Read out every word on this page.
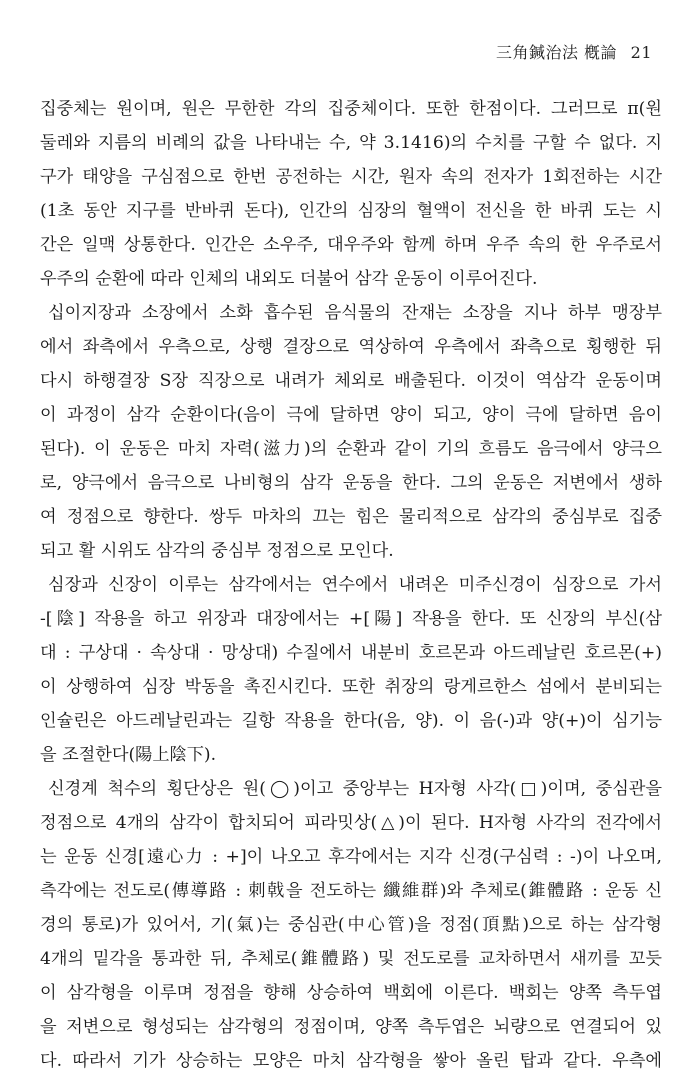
三角鍼治法 槪論 21
집중체는 원이며, 원은 무한한 각의 집중체이다. 또한 한점이다. 그러므로 π(원
둘레와 지름의 비례의 값을 나타내는 수, 약 3.1416)의 수치를 구할 수 없다. 지
구가 태양을 구심점으로 한번 공전하는 시간, 원자 속의 전자가 1회전하는 시간
(1초 동안 지구를 반바퀴 돈다), 인간의 심장의 혈액이 전신을 한 바퀴 도는 시
간은 일맥 상통한다. 인간은 소우주, 대우주와 함께 하며 우주 속의 한 우주로서
우주의 순환에 따라 인체의 내외도 더불어 삼각 운동이 이루어진다.
십이지장과 소장에서 소화 흡수된 음식물의 잔재는 소장을 지나 하부 맹장부
에서 좌측에서 우측으로, 상행 결장으로 역상하여 우측에서 좌측으로 횡행한 뒤
다시 하행결장 S장 직장으로 내려가 체외로 배출된다. 이것이 역삼각 운동이며
이 과정이 삼각 순환이다(음이 극에 달하면 양이 되고, 양이 극에 달하면 음이
된다). 이 운동은 마치 자력(滋力)의 순환과 같이 기의 흐름도 음극에서 양극으
로, 양극에서 음극으로 나비형의 삼각 운동을 한다. 그의 운동은 저변에서 생하
여 정점으로 향한다. 쌍두 마차의 끄는 힘은 물리적으로 삼각의 중심부로 집중
되고 활 시위도 삼각의 중심부 정점으로 모인다.
심장과 신장이 이루는 삼각에서는 연수에서 내려온 미주신경이 심장으로 가서
-[陰] 작용을 하고 위장과 대장에서는 +[陽] 작용을 한다. 또 신장의 부신(삼
대 : 구상대 · 속상대 · 망상대) 수질에서 내분비 호르몬과 아드레날린 호르몬(+)
이 상행하여 심장 박동을 촉진시킨다. 또한 취장의 랑게르한스 섬에서 분비되는
인슐린은 아드레날린과는 길항 작용을 한다(음, 양). 이 음(-)과 양(+)이 심기능
을 조절한다(陽上陰下).
신경계 척수의 횡단상은 원(◯)이고 중앙부는 H자형 사각(□)이며, 중심관을
정점으로 4개의 삼각이 합치되어 피라밋상(△)이 된다. H자형 사각의 전각에서
는 운동 신경[遠心力 : +]이 나오고 후각에서는 지각 신경(구심력 : -)이 나오며,
측각에는 전도로(傳導路 : 刺戟을 전도하는 纖維群)와 추체로(錐體路 : 운동 신
경의 통로)가 있어서, 기(氣)는 중심관(中心管)을 정점(頂點)으로 하는 삼각형
4개의 밑각을 통과한 뒤, 추체로(錐體路) 및 전도로를 교차하면서 새끼를 꼬듯
이 삼각형을 이루며 정점을 향해 상승하여 백회에 이른다. 백회는 양쪽 측두엽
을 저변으로 형성되는 삼각형의 정점이며, 양쪽 측두엽은 뇌량으로 연결되어 있
다. 따라서 기가 상승하는 모양은 마치 삼각형을 쌓아 올린 탑과 같다. 우측에
